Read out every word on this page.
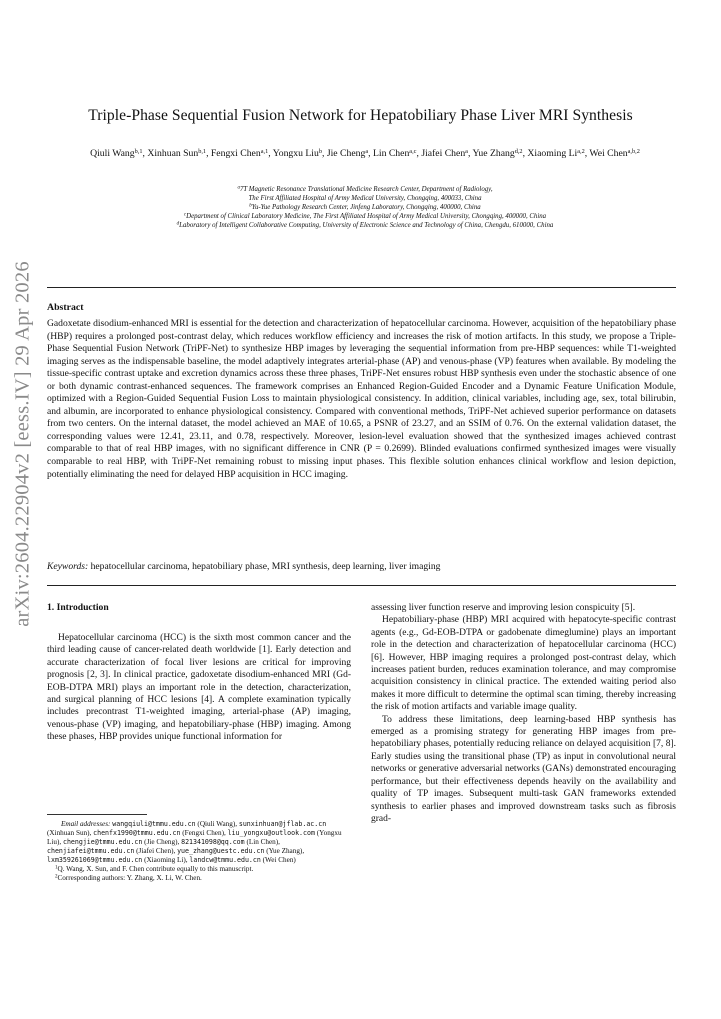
arXiv:2604.22904v2 [eess.IV] 29 Apr 2026
Triple-Phase Sequential Fusion Network for Hepatobiliary Phase Liver MRI Synthesis
Qiuli Wang$^{b,1}$, Xinhuan Sun$^{b,1}$, Fengxi Chen$^{a,1}$, Yongxu Liu$^b$, Jie Cheng$^a$, Lin Chen$^{a,c}$, Jiafei Chen$^a$, Yue Zhang$^{d,2}$, Xiaoming Li$^{a,2}$, Wei Chen$^{a,b,2}$
$^a$7T Magnetic Resonance Translational Medicine Research Center, Department of Radiology,
The First Affiliated Hospital of Army Medical University, Chongqing, 400033, China
$^b$Yu-Yue Pathology Research Center, Jinfeng Laboratory, Chongqing, 400000, China
$^c$Department of Clinical Laboratory Medicine, The First Affiliated Hospital of Army Medical University, Chongqing, 400000, China
$^d$Laboratory of Intelligent Collaborative Computing, University of Electronic Science and Technology of China, Chengdu, 610000, China
Abstract
Gadoxetate disodium-enhanced MRI is essential for the detection and characterization of hepatocellular carcinoma. However, acquisition of the hepatobiliary phase (HBP) requires a prolonged post-contrast delay, which reduces workflow efficiency and increases the risk of motion artifacts. In this study, we propose a Triple-Phase Sequential Fusion Network (TriPF-Net) to synthesize HBP images by leveraging the sequential information from pre-HBP sequences: while T1-weighted imaging serves as the indispensable baseline, the model adaptively integrates arterial-phase (AP) and venous-phase (VP) features when available. By modeling the tissue-specific contrast uptake and excretion dynamics across these three phases, TriPF-Net ensures robust HBP synthesis even under the stochastic absence of one or both dynamic contrast-enhanced sequences. The framework comprises an Enhanced Region-Guided Encoder and a Dynamic Feature Unification Module, optimized with a Region-Guided Sequential Fusion Loss to maintain physiological consistency. In addition, clinical variables, including age, sex, total bilirubin, and albumin, are incorporated to enhance physiological consistency. Compared with conventional methods, TriPF-Net achieved superior performance on datasets from two centers. On the internal dataset, the model achieved an MAE of 10.65, a PSNR of 23.27, and an SSIM of 0.76. On the external validation dataset, the corresponding values were 12.41, 23.11, and 0.78, respectively. Moreover, lesion-level evaluation showed that the synthesized images achieved contrast comparable to that of real HBP images, with no significant difference in CNR (P = 0.2699). Blinded evaluations confirmed synthesized images were visually comparable to real HBP, with TriPF-Net remaining robust to missing input phases. This flexible solution enhances clinical workflow and lesion depiction, potentially eliminating the need for delayed HBP acquisition in HCC imaging.
Keywords: hepatocellular carcinoma, hepatobiliary phase, MRI synthesis, deep learning, liver imaging
1. Introduction

Hepatocellular carcinoma (HCC) is the sixth most common cancer and the third leading cause of cancer-related death worldwide [1]. Early detection and accurate characterization of focal liver lesions are critical for improving prognosis [2, 3]. In clinical practice, gadoxetate disodium-enhanced MRI (Gd-EOB-DTPA MRI) plays an important role in the detection, characterization, and surgical planning of HCC lesions [4]. A complete examination typically includes precontrast T1-weighted imaging, arterial-phase (AP) imaging, venous-phase (VP) imaging, and hepatobiliary-phase (HBP) imaging. Among these phases, HBP provides unique functional information for

assessing liver function reserve and improving lesion conspicuity [5].

Hepatobiliary-phase (HBP) MRI acquired with hepatocyte-specific contrast agents (e.g., Gd-EOB-DTPA or gadobenate dimeglumine) plays an important role in the detection and characterization of hepatocellular carcinoma (HCC) [6]. However, HBP imaging requires a prolonged post-contrast delay, which increases patient burden, reduces examination tolerance, and may compromise acquisition consistency in clinical practice. The extended waiting period also makes it more difficult to determine the optimal scan timing, thereby increasing the risk of motion artifacts and variable image quality.

To address these limitations, deep learning-based HBP synthesis has emerged as a promising strategy for generating HBP images from pre-hepatobiliary phases, potentially reducing reliance on delayed acquisition [7, 8]. Early studies using the transitional phase (TP) as input in convolutional neural networks or generative adversarial networks (GANs) demonstrated encouraging performance, but their effectiveness depends heavily on the availability and quality of TP images. Subsequent multi-task GAN frameworks extended synthesis to earlier phases and improved downstream tasks such as fibrosis grad-

Email addresses: wangqiuli@tmmu.edu.cn (Qiuli Wang), sunxinhuan@jflab.ac.cn (Xinhuan Sun), chenfx1990@tmmu.edu.cn (Fengxi Chen), liu_yongxu@outlook.com (Yongxu Liu), chengjie@tmmu.edu.cn (Jie Cheng), 821341098@qq.com (Lin Chen), chenjiafei@tmmu.edu.cn (Jiafei Chen), yue_zhang@uestc.edu.cn (Yue Zhang), lxm359261069@tmmu.edu.cn (Xiaoming Li), landcw@tmmu.edu.cn (Wei Chen)

$^1$Q. Wang, X. Sun, and F. Chen contribute equally to this manuscript.

$^2$Corresponding authors: Y. Zhang, X. Li, W. Chen.
